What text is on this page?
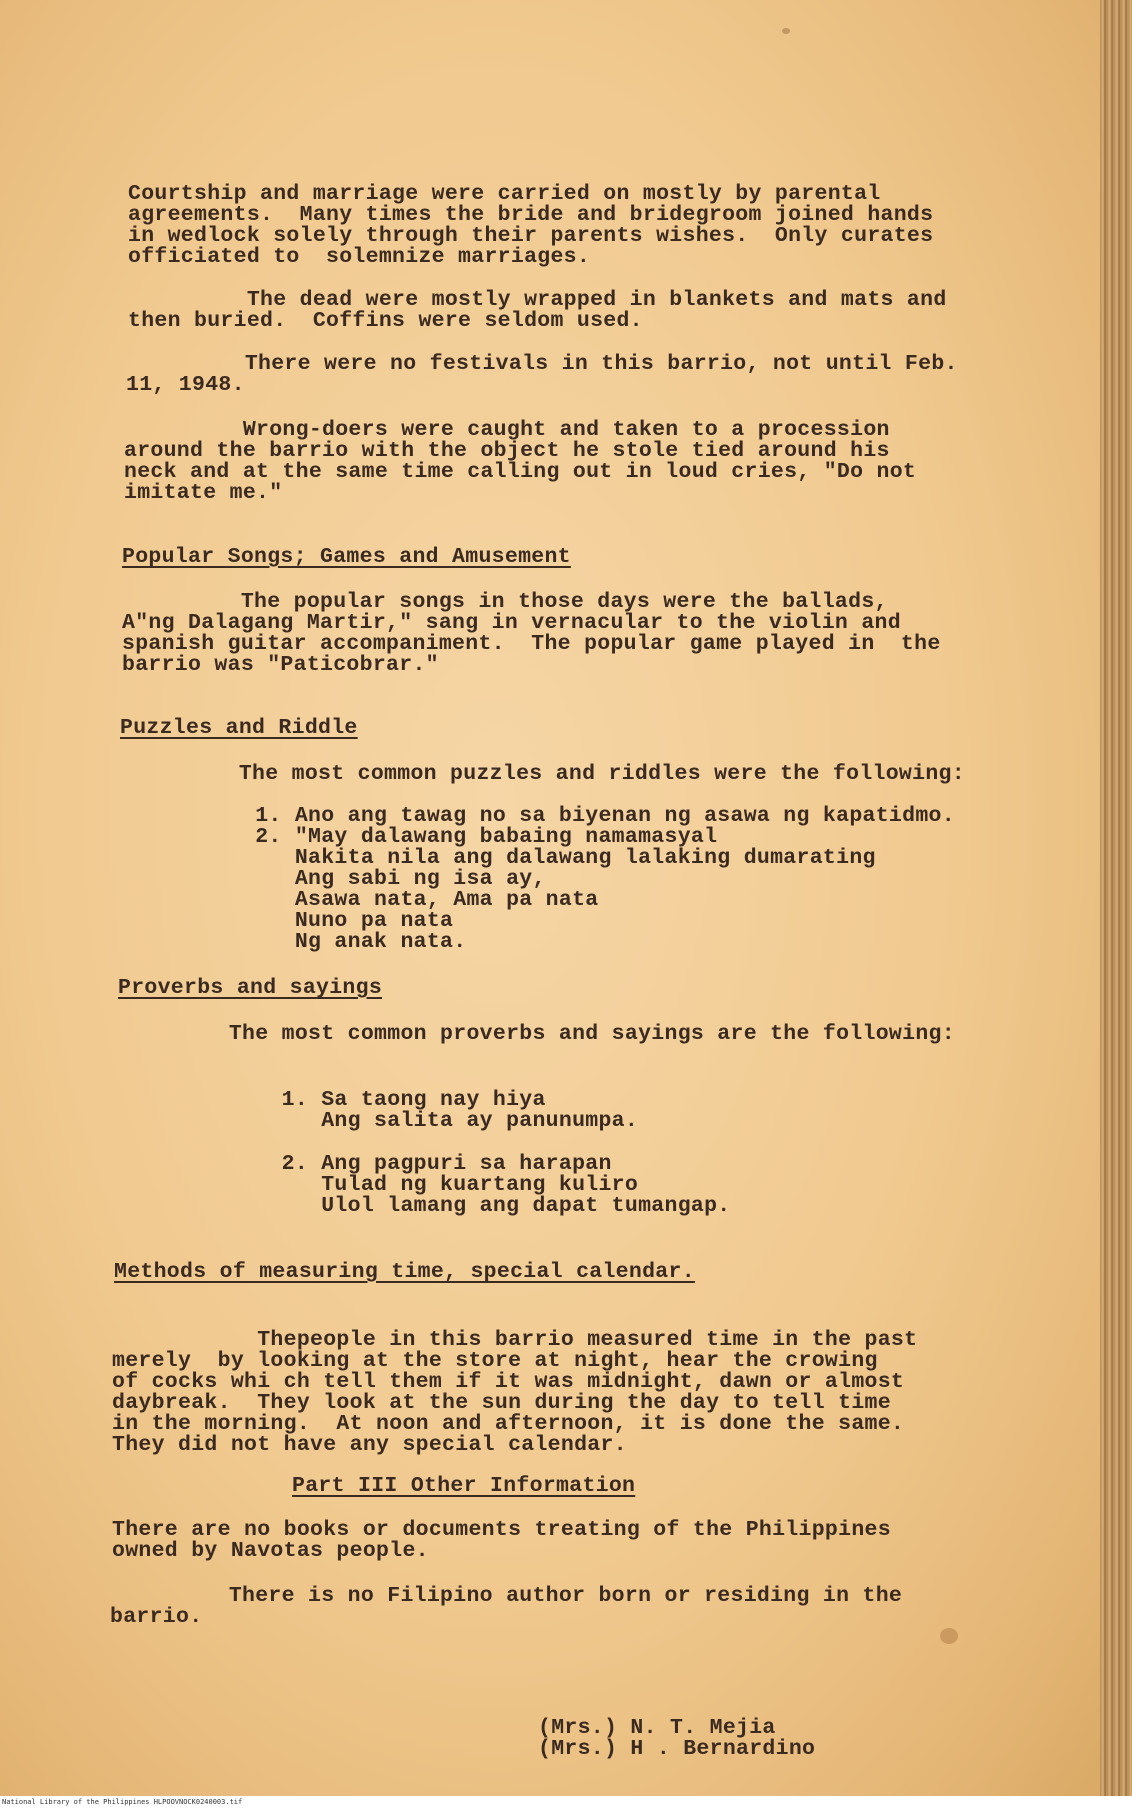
Courtship and marriage were carried on mostly by parental
agreements.  Many times the bride and bridegroom joined hands
in wedlock solely through their parents wishes.  Only curates
officiated to  solemnize marriages.
The dead were mostly wrapped in blankets and mats and
then buried.  Coffins were seldom used.
There were no festivals in this barrio, not until Feb.
11, 1948.
Wrong-doers were caught and taken to a procession
around the barrio with the object he stole tied around his
neck and at the same time calling out in loud cries, "Do not
imitate me."
Popular Songs; Games and Amusement
The popular songs in those days were the ballads,
A"ng Dalagang Martir," sang in vernacular to the violin and
spanish guitar accompaniment.  The popular game played in  the
barrio was "Paticobrar."
Puzzles and Riddle
The most common puzzles and riddles were the following:
1. Ano ang tawag no sa biyenan ng asawa ng kapatidmo.
2. "May dalawang babaing namamasyal
Nakita nila ang dalawang lalaking dumarating
Ang sabi ng isa ay,
Asawa nata, Ama pa nata
Nuno pa nata
Ng anak nata.
Proverbs and sayings
The most common proverbs and sayings are the following:
1. Sa taong nay hiya
Ang salita ay panunumpa.
2. Ang pagpuri sa harapan
Tulad ng kuartang kuliro
Ulol lamang ang dapat tumangap.
Methods of measuring time, special calendar.
Thepeople in this barrio measured time in the past
merely  by looking at the store at night, hear the crowing
of cocks whi ch tell them if it was midnight, dawn or almost
daybreak.  They look at the sun during the day to tell time
in the morning.  At noon and afternoon, it is done the same.
They did not have any special calendar.
Part III Other Information
There are no books or documents treating of the Philippines
owned by Navotas people.
There is no Filipino author born or residing in the
barrio.
(Mrs.) N. T. Mejia
(Mrs.) H . Bernardino
National Library of the Philippines HLPOOVNOCK0240003.tif
